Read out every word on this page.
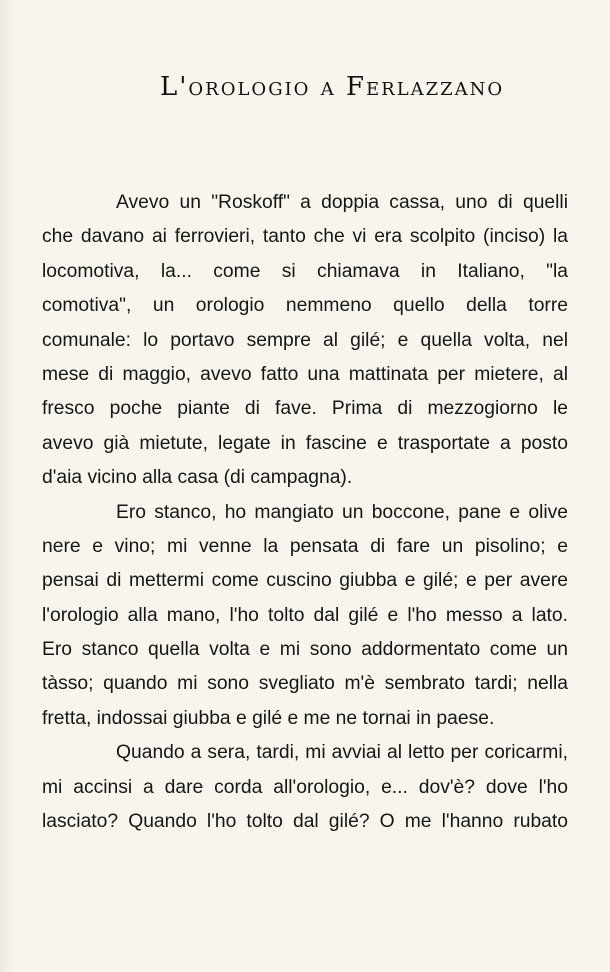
L'orologio a Ferlazzano
Avevo un "Roskoff" a doppia cassa, uno di quelli
che davano ai ferrovieri, tanto che vi era scolpito (inciso) la
locomotiva, la... come si chiamava in Italiano, "la
comotiva", un orologio nemmeno quello della torre
comunale: lo portavo sempre al gilé; e quella volta, nel
mese di maggio, avevo fatto una mattinata per mietere, al
fresco poche piante di fave. Prima di mezzogiorno le
avevo già mietute, legate in fascine e trasportate a posto
d'aia vicino alla casa (di campagna).
Ero stanco, ho mangiato un boccone, pane e olive
nere e vino; mi venne la pensata di fare un pisolino; e
pensai di mettermi come cuscino giubba e gilé; e per avere
l'orologio alla mano, l'ho tolto dal gilé e l'ho messo a lato.
Ero stanco quella volta e mi sono addormentato come un
tàsso; quando mi sono svegliato m'è sembrato tardi; nella
fretta, indossai giubba e gilé e me ne tornai in paese.
Quando a sera, tardi, mi avviai al letto per coricarmi,
mi accinsi a dare corda all'orologio, e... dov'è? dove l'ho
lasciato? Quando l'ho tolto dal gilé? O me l'hanno rubato
